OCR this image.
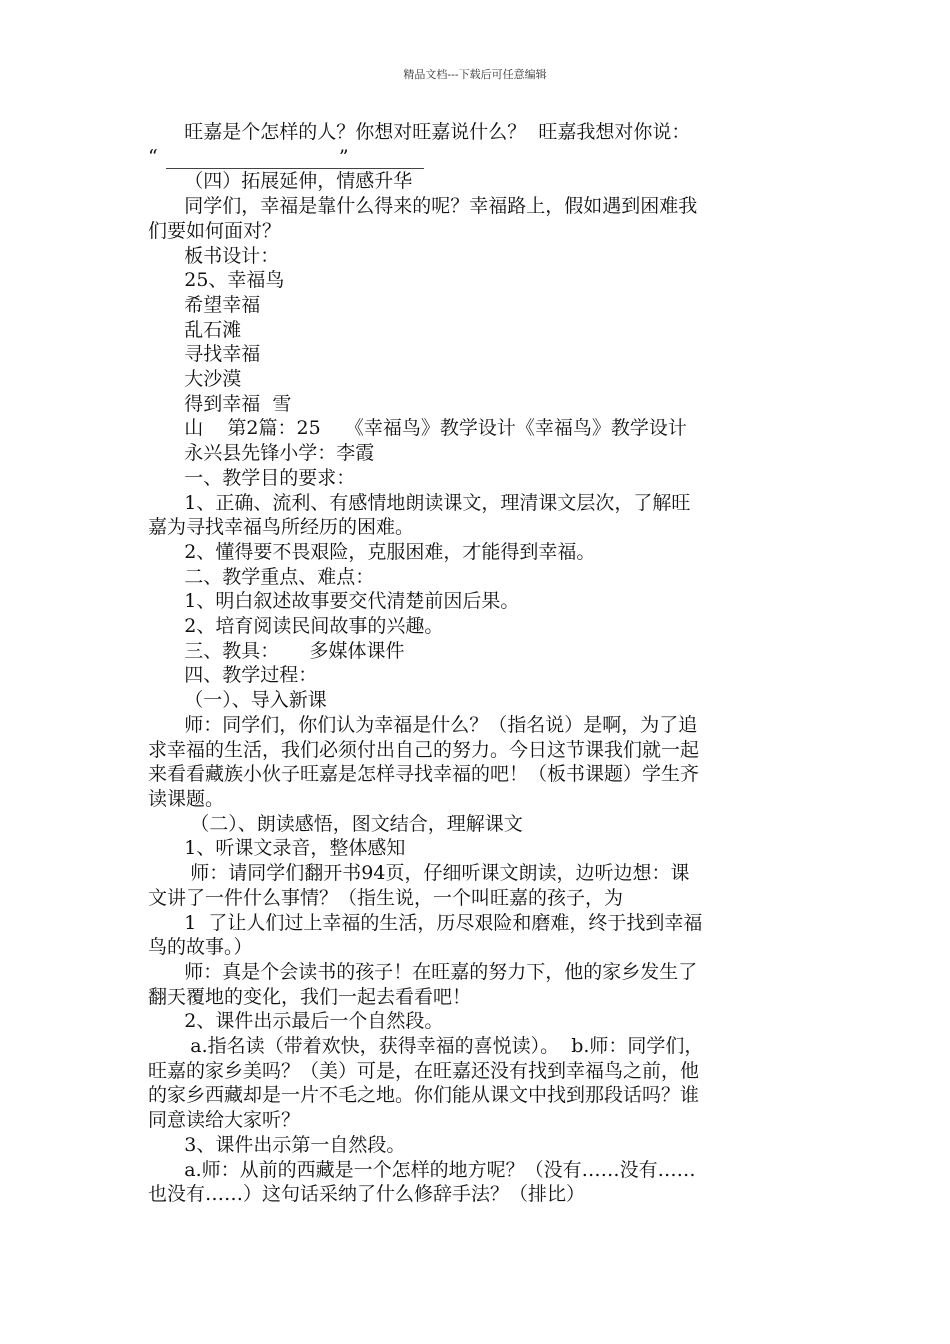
精品文档---下载后可任意编辑

旺嘉是个怎样的人？你想对旺嘉说什么？  旺嘉我想对你说：

“                              ”

（四）拓展延伸，情感升华

同学们，幸福是靠什么得来的呢？幸福路上，假如遇到困难我

们要如何面对？

板书设计：

25、幸福鸟

希望幸福

乱石滩

寻找幸福

大沙漠

得到幸福  雪

山    第2篇：25    《幸福鸟》教学设计《幸福鸟》教学设计

永兴县先锋小学：李霞

一、教学目的要求：

1、正确、流利、有感情地朗读课文，理清课文层次，了解旺

嘉为寻找幸福鸟所经历的困难。

2、懂得要不畏艰险，克服困难，才能得到幸福。

二、教学重点、难点：

1、明白叙述故事要交代清楚前因后果。

2、培育阅读民间故事的兴趣。

三、教具：     多媒体课件

四、教学过程：

（一）、导入新课

师：同学们，你们认为幸福是什么？（指名说）是啊，为了追

求幸福的生活，我们必须付出自己的努力。今日这节课我们就一起

来看看藏族小伙子旺嘉是怎样寻找幸福的吧！（板书课题）学生齐

读课题。

（二）、朗读感悟，图文结合，理解课文

1、听课文录音，整体感知

师：请同学们翻开书94页，仔细听课文朗读，边听边想：课

文讲了一件什么事情？（指生说，一个叫旺嘉的孩子，为

1  了让人们过上幸福的生活，历尽艰险和磨难，终于找到幸福

鸟的故事。）

师：真是个会读书的孩子！在旺嘉的努力下，他的家乡发生了

翻天覆地的变化，我们一起去看看吧！

2、课件出示最后一个自然段。

a.指名读（带着欢快，获得幸福的喜悦读）。  b.师：同学们，

旺嘉的家乡美吗？（美）可是，在旺嘉还没有找到幸福鸟之前，他

的家乡西藏却是一片不毛之地。你们能从课文中找到那段话吗？谁

同意读给大家听？

3、课件出示第一自然段。

a.师：从前的西藏是一个怎样的地方呢？（没有……没有……

也没有……）这句话采纳了什么修辞手法？（排比）
